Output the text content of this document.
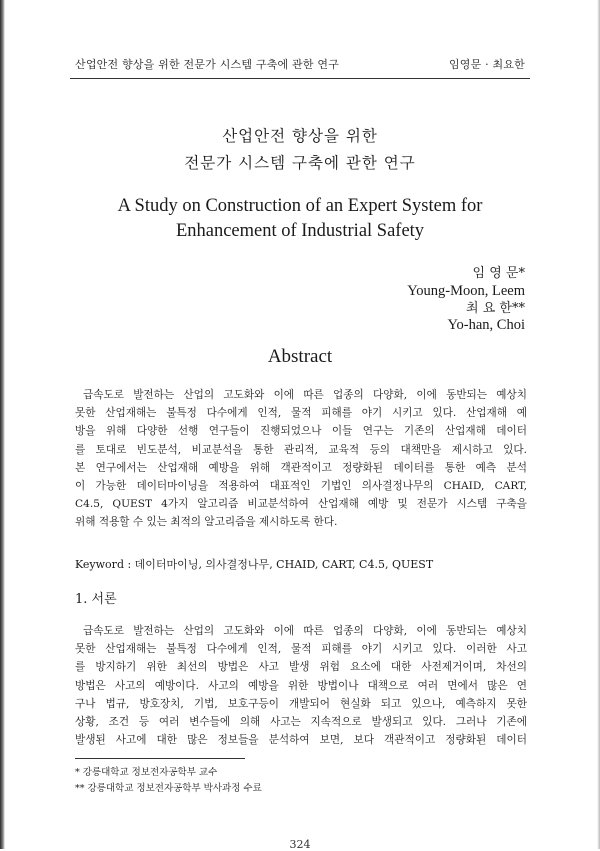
산업안전 향상을 위한 전문가 시스템 구축에 관한 연구	임영문 · 최요한
산업안전 향상을 위한
전문가 시스템 구축에 관한 연구
A Study on Construction of an Expert System for
Enhancement of Industrial Safety
임 영 문*
Young-Moon, Leem
최 요 한**
Yo-han, Choi
Abstract
급속도로 발전하는 산업의 고도화와 이에 따른 업종의 다양화, 이에 동반되는 예상치
못한 산업재해는 불특정 다수에게 인적, 물적 피해를 야기 시키고 있다. 산업재해 예
방을 위해 다양한 선행 연구들이 진행되었으나 이들 연구는 기존의 산업재해 데이터
를 토대로 빈도분석, 비교분석을 통한 관리적, 교육적 등의 대책만을 제시하고 있다.
본 연구에서는 산업재해 예방을 위해 객관적이고 정량화된 데이터를 통한 예측 분석
이 가능한 데이터마이닝을 적용하여 대표적인 기법인 의사결정나무의 CHAID, CART,
C4.5, QUEST 4가지 알고리즘 비교분석하여 산업재해 예방 및 전문가 시스템 구축을
위해 적용할 수 있는 최적의 알고리즘을 제시하도록 한다.
Keyword : 데이터마이닝, 의사결정나무, CHAID, CART, C4.5, QUEST
1. 서론
급속도로 발전하는 산업의 고도화와 이에 따른 업종의 다양화, 이에 동반되는 예상치
못한 산업재해는 불특정 다수에게 인적, 물적 피해를 야기 시키고 있다. 이러한 사고
를 방지하기 위한 최선의 방법은 사고 발생 위험 요소에 대한 사전제거이며, 차선의
방법은 사고의 예방이다. 사고의 예방을 위한 방법이나 대책으로 여러 면에서 많은 연
구나 법규, 방호장치, 기법, 보호구등이 개발되어 현실화 되고 있으나, 예측하지 못한
상황, 조건 등 여러 변수들에 의해 사고는 지속적으로 발생되고 있다. 그러나 기존에
발생된 사고에 대한 많은 정보들을 분석하여 보면, 보다 객관적이고 정량화된 데이터
* 강릉대학교 정보전자공학부 교수
** 강릉대학교 정보전자공학부 박사과정 수료
324
